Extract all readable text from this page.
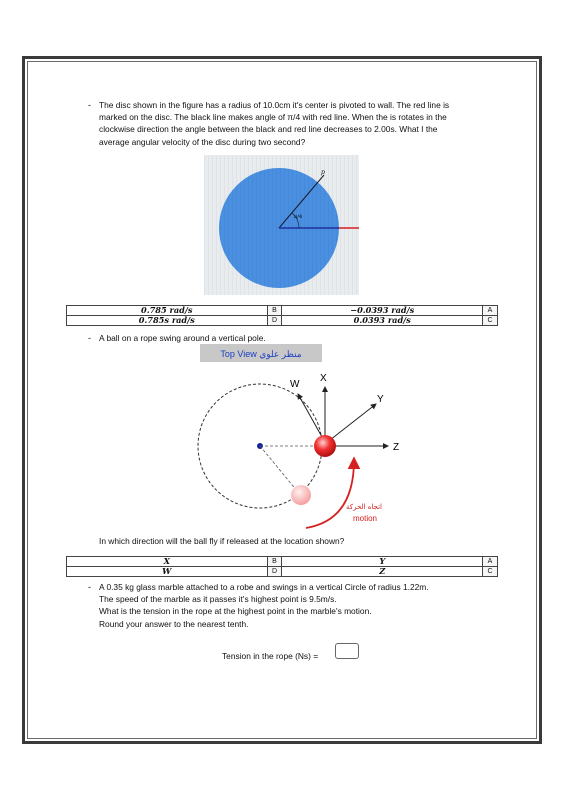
- The disc shown in the figure has a radius of 10.0cm it's center is pivoted to wall. The red line is
marked on the disc. The black line makes angle of π/4 with red line. When the is rotates in the
clockwise direction the angle between the black and red line decreases to 2.00s. What I the
average angular velocity of the disc during two second?
p
π/4
0.785 rad/s	B	−0.0393 rad/s	A
0.785s rad/s	D	0.0393 rad/s	C
- A ball on a rope swing around a vertical pole.
Top View منظر علوي
W
X
Y
Z
اتجاه الحركة
motion
In which direction will the ball fly if released at the location shown?
X	B	Y	A
W	D	Z	C
- A 0.35 kg glass marble attached to a robe and swings in a vertical Circle of radius 1.22m.
The speed of the marble as it passes it's highest point is 9.5m/s.
What is the tension in the rope at the highest point in the marble's motion.
Round your answer to the nearest tenth.
Tension in the rope (Ns) =
